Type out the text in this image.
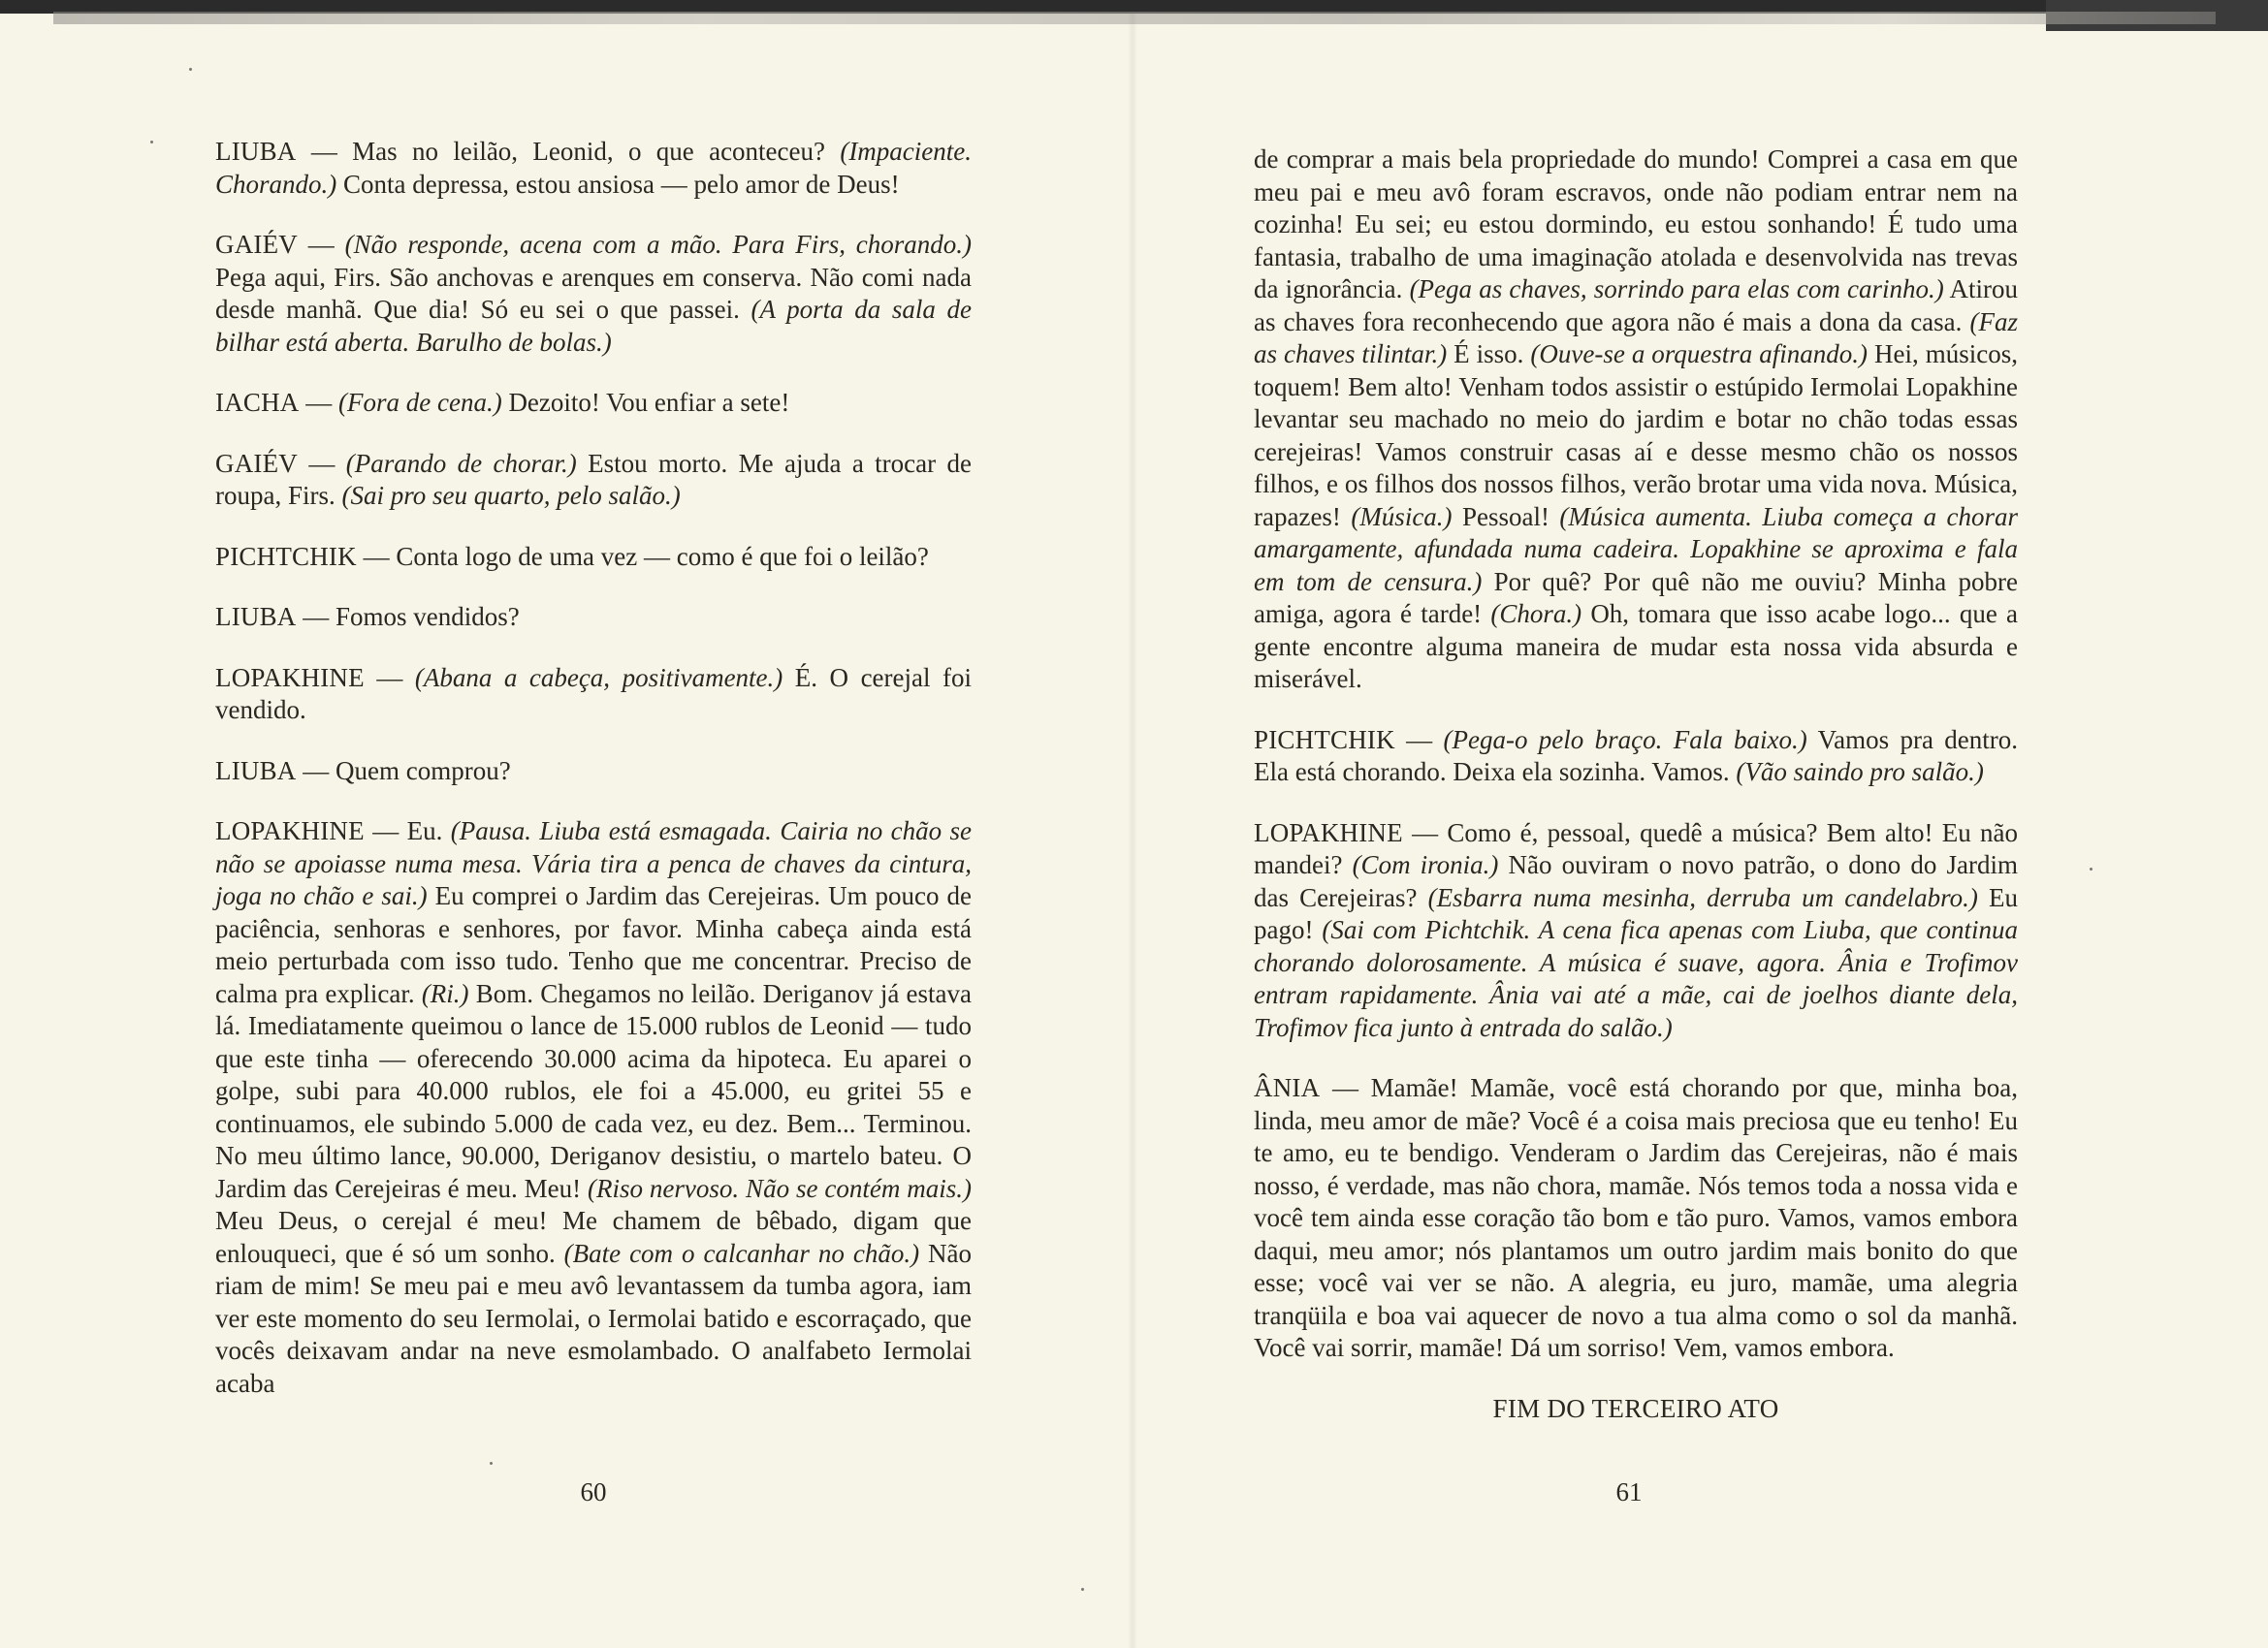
LIUBA — Mas no leilão, Leonid, o que aconteceu? (Impaciente. Chorando.) Conta depressa, estou ansiosa — pelo amor de Deus!

GAIÉV — (Não responde, acena com a mão. Para Firs, chorando.) Pega aqui, Firs. São anchovas e arenques em conserva. Não comi nada desde manhã. Que dia! Só eu sei o que passei. (A porta da sala de bilhar está aberta. Barulho de bolas.)

IACHA — (Fora de cena.) Dezoito! Vou enfiar a sete!

GAIÉV — (Parando de chorar.) Estou morto. Me ajuda a trocar de roupa, Firs. (Sai pro seu quarto, pelo salão.)

PICHTCHIK — Conta logo de uma vez — como é que foi o leilão?

LIUBA — Fomos vendidos?

LOPAKHINE — (Abana a cabeça, positivamente.) É. O cerejal foi vendido.

LIUBA — Quem comprou?

LOPAKHINE — Eu. (Pausa. Liuba está esmagada. Cairia no chão se não se apoiasse numa mesa. Vária tira a penca de chaves da cintura, joga no chão e sai.) Eu comprei o Jardim das Cerejeiras. Um pouco de paciência, senhoras e senhores, por favor. Minha cabeça ainda está meio perturbada com isso tudo. Tenho que me concentrar. Preciso de calma pra explicar. (Ri.) Bom. Chegamos no leilão. Deriganov já estava lá. Imediatamente queimou o lance de 15.000 rublos de Leonid — tudo que este tinha — oferecendo 30.000 acima da hipoteca. Eu aparei o golpe, subi para 40.000 rublos, ele foi a 45.000, eu gritei 55 e continuamos, ele subindo 5.000 de cada vez, eu dez. Bem... Terminou. No meu último lance, 90.000, Deriganov desistiu, o martelo bateu. O Jardim das Cerejeiras é meu. Meu! (Riso nervoso. Não se contém mais.) Meu Deus, o cerejal é meu! Me chamem de bêbado, digam que enlouqueci, que é só um sonho. (Bate com o calcanhar no chão.) Não riam de mim! Se meu pai e meu avô levantassem da tumba agora, iam ver este momento do seu Iermolai, o Iermolai batido e escorraçado, que vocês deixavam andar na neve esmolambado. O analfabeto Iermolai acaba

60

de comprar a mais bela propriedade do mundo! Comprei a casa em que meu pai e meu avô foram escravos, onde não podiam entrar nem na cozinha! Eu sei; eu estou dormindo, eu estou sonhando! É tudo uma fantasia, trabalho de uma imaginação atolada e desenvolvida nas trevas da ignorância. (Pega as chaves, sorrindo para elas com carinho.) Atirou as chaves fora reconhecendo que agora não é mais a dona da casa. (Faz as chaves tilintar.) É isso. (Ouve-se a orquestra afinando.) Hei, músicos, toquem! Bem alto! Venham todos assistir o estúpido Iermolai Lopakhine levantar seu machado no meio do jardim e botar no chão todas essas cerejeiras! Vamos construir casas aí e desse mesmo chão os nossos filhos, e os filhos dos nossos filhos, verão brotar uma vida nova. Música, rapazes! (Música.) Pessoal! (Música aumenta. Liuba começa a chorar amargamente, afundada numa cadeira. Lopakhine se aproxima e fala em tom de censura.) Por quê? Por quê não me ouviu? Minha pobre amiga, agora é tarde! (Chora.) Oh, tomara que isso acabe logo... que a gente encontre alguma maneira de mudar esta nossa vida absurda e miserável.

PICHTCHIK — (Pega-o pelo braço. Fala baixo.) Vamos pra dentro. Ela está chorando. Deixa ela sozinha. Vamos. (Vão saindo pro salão.)

LOPAKHINE — Como é, pessoal, quedê a música? Bem alto! Eu não mandei? (Com ironia.) Não ouviram o novo patrão, o dono do Jardim das Cerejeiras? (Esbarra numa mesinha, derruba um candelabro.) Eu pago! (Sai com Pichtchik. A cena fica apenas com Liuba, que continua chorando dolorosamente. A música é suave, agora. Ânia e Trofimov entram rapidamente. Ânia vai até a mãe, cai de joelhos diante dela, Trofimov fica junto à entrada do salão.)

ÂNIA — Mamãe! Mamãe, você está chorando por que, minha boa, linda, meu amor de mãe? Você é a coisa mais preciosa que eu tenho! Eu te amo, eu te bendigo. Venderam o Jardim das Cerejeiras, não é mais nosso, é verdade, mas não chora, mamãe. Nós temos toda a nossa vida e você tem ainda esse coração tão bom e tão puro. Vamos, vamos embora daqui, meu amor; nós plantamos um outro jardim mais bonito do que esse; você vai ver se não. A alegria, eu juro, mamãe, uma alegria tranqüila e boa vai aquecer de novo a tua alma como o sol da manhã. Você vai sorrir, mamãe! Dá um sorriso! Vem, vamos embora.

FIM DO TERCEIRO ATO
61
